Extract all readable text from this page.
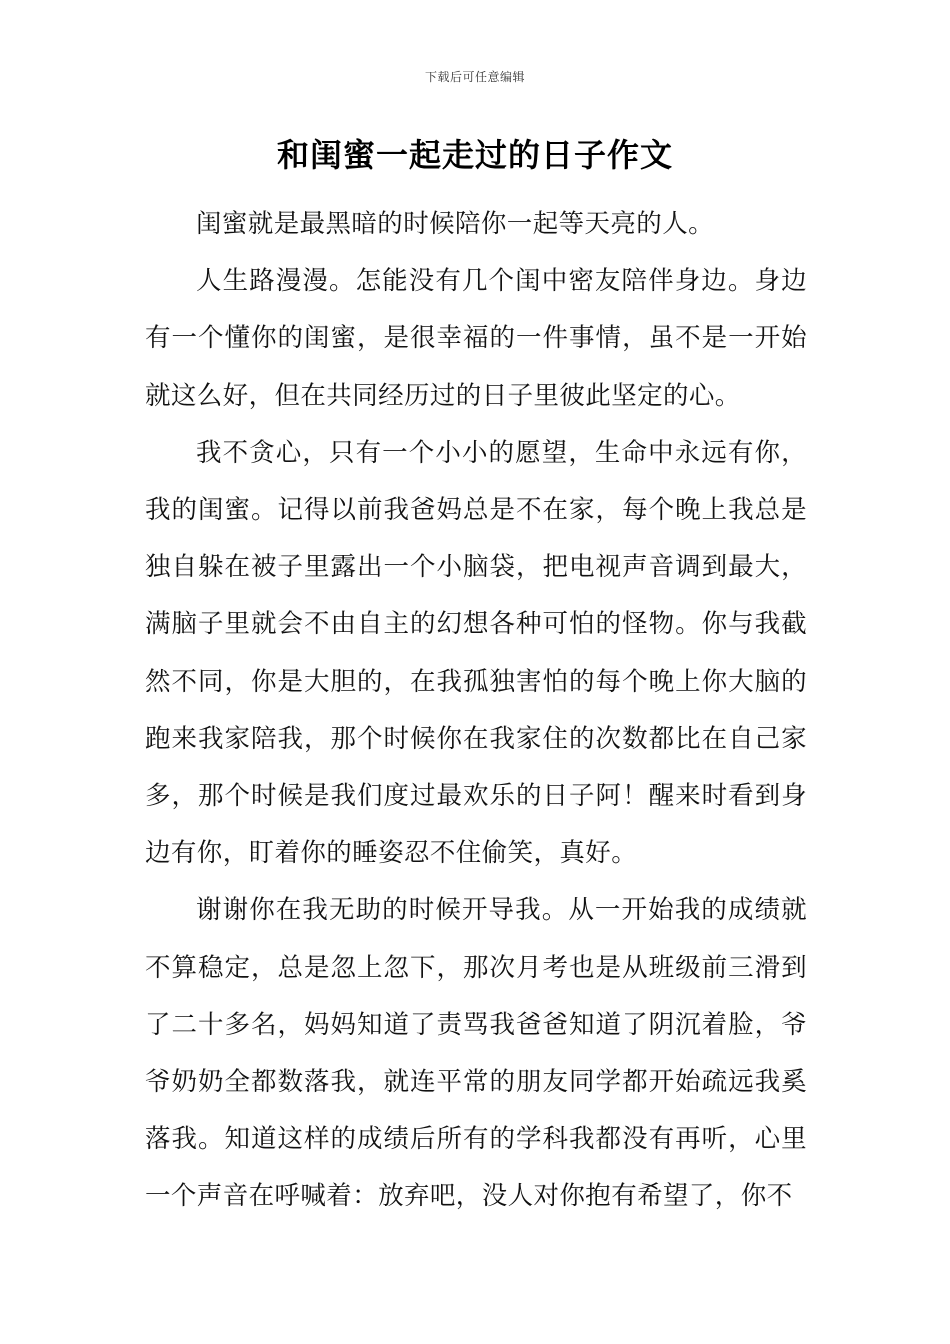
下载后可任意编辑
和闺蜜一起走过的日子作文

闺蜜就是最黑暗的时候陪你一起等天亮的人。

人生路漫漫。怎能没有几个闺中密友陪伴身边。身边有一个懂你的闺蜜，是很幸福的一件事情，虽不是一开始就这么好，但在共同经历过的日子里彼此坚定的心。

我不贪心，只有一个小小的愿望，生命中永远有你，我的闺蜜。记得以前我爸妈总是不在家，每个晚上我总是独自躲在被子里露出一个小脑袋，把电视声音调到最大，满脑子里就会不由自主的幻想各种可怕的怪物。你与我截然不同，你是大胆的，在我孤独害怕的每个晚上你大脑的跑来我家陪我，那个时候你在我家住的次数都比在自己家多，那个时候是我们度过最欢乐的日子阿！醒来时看到身边有你，盯着你的睡姿忍不住偷笑，真好。

谢谢你在我无助的时候开导我。从一开始我的成绩就不算稳定，总是忽上忽下，那次月考也是从班级前三滑到了二十多名，妈妈知道了责骂我爸爸知道了阴沉着脸，爷爷奶奶全都数落我，就连平常的朋友同学都开始疏远我奚落我。知道这样的成绩后所有的学科我都没有再听，心里一个声音在呼喊着：放弃吧，没人对你抱有希望了，你不
